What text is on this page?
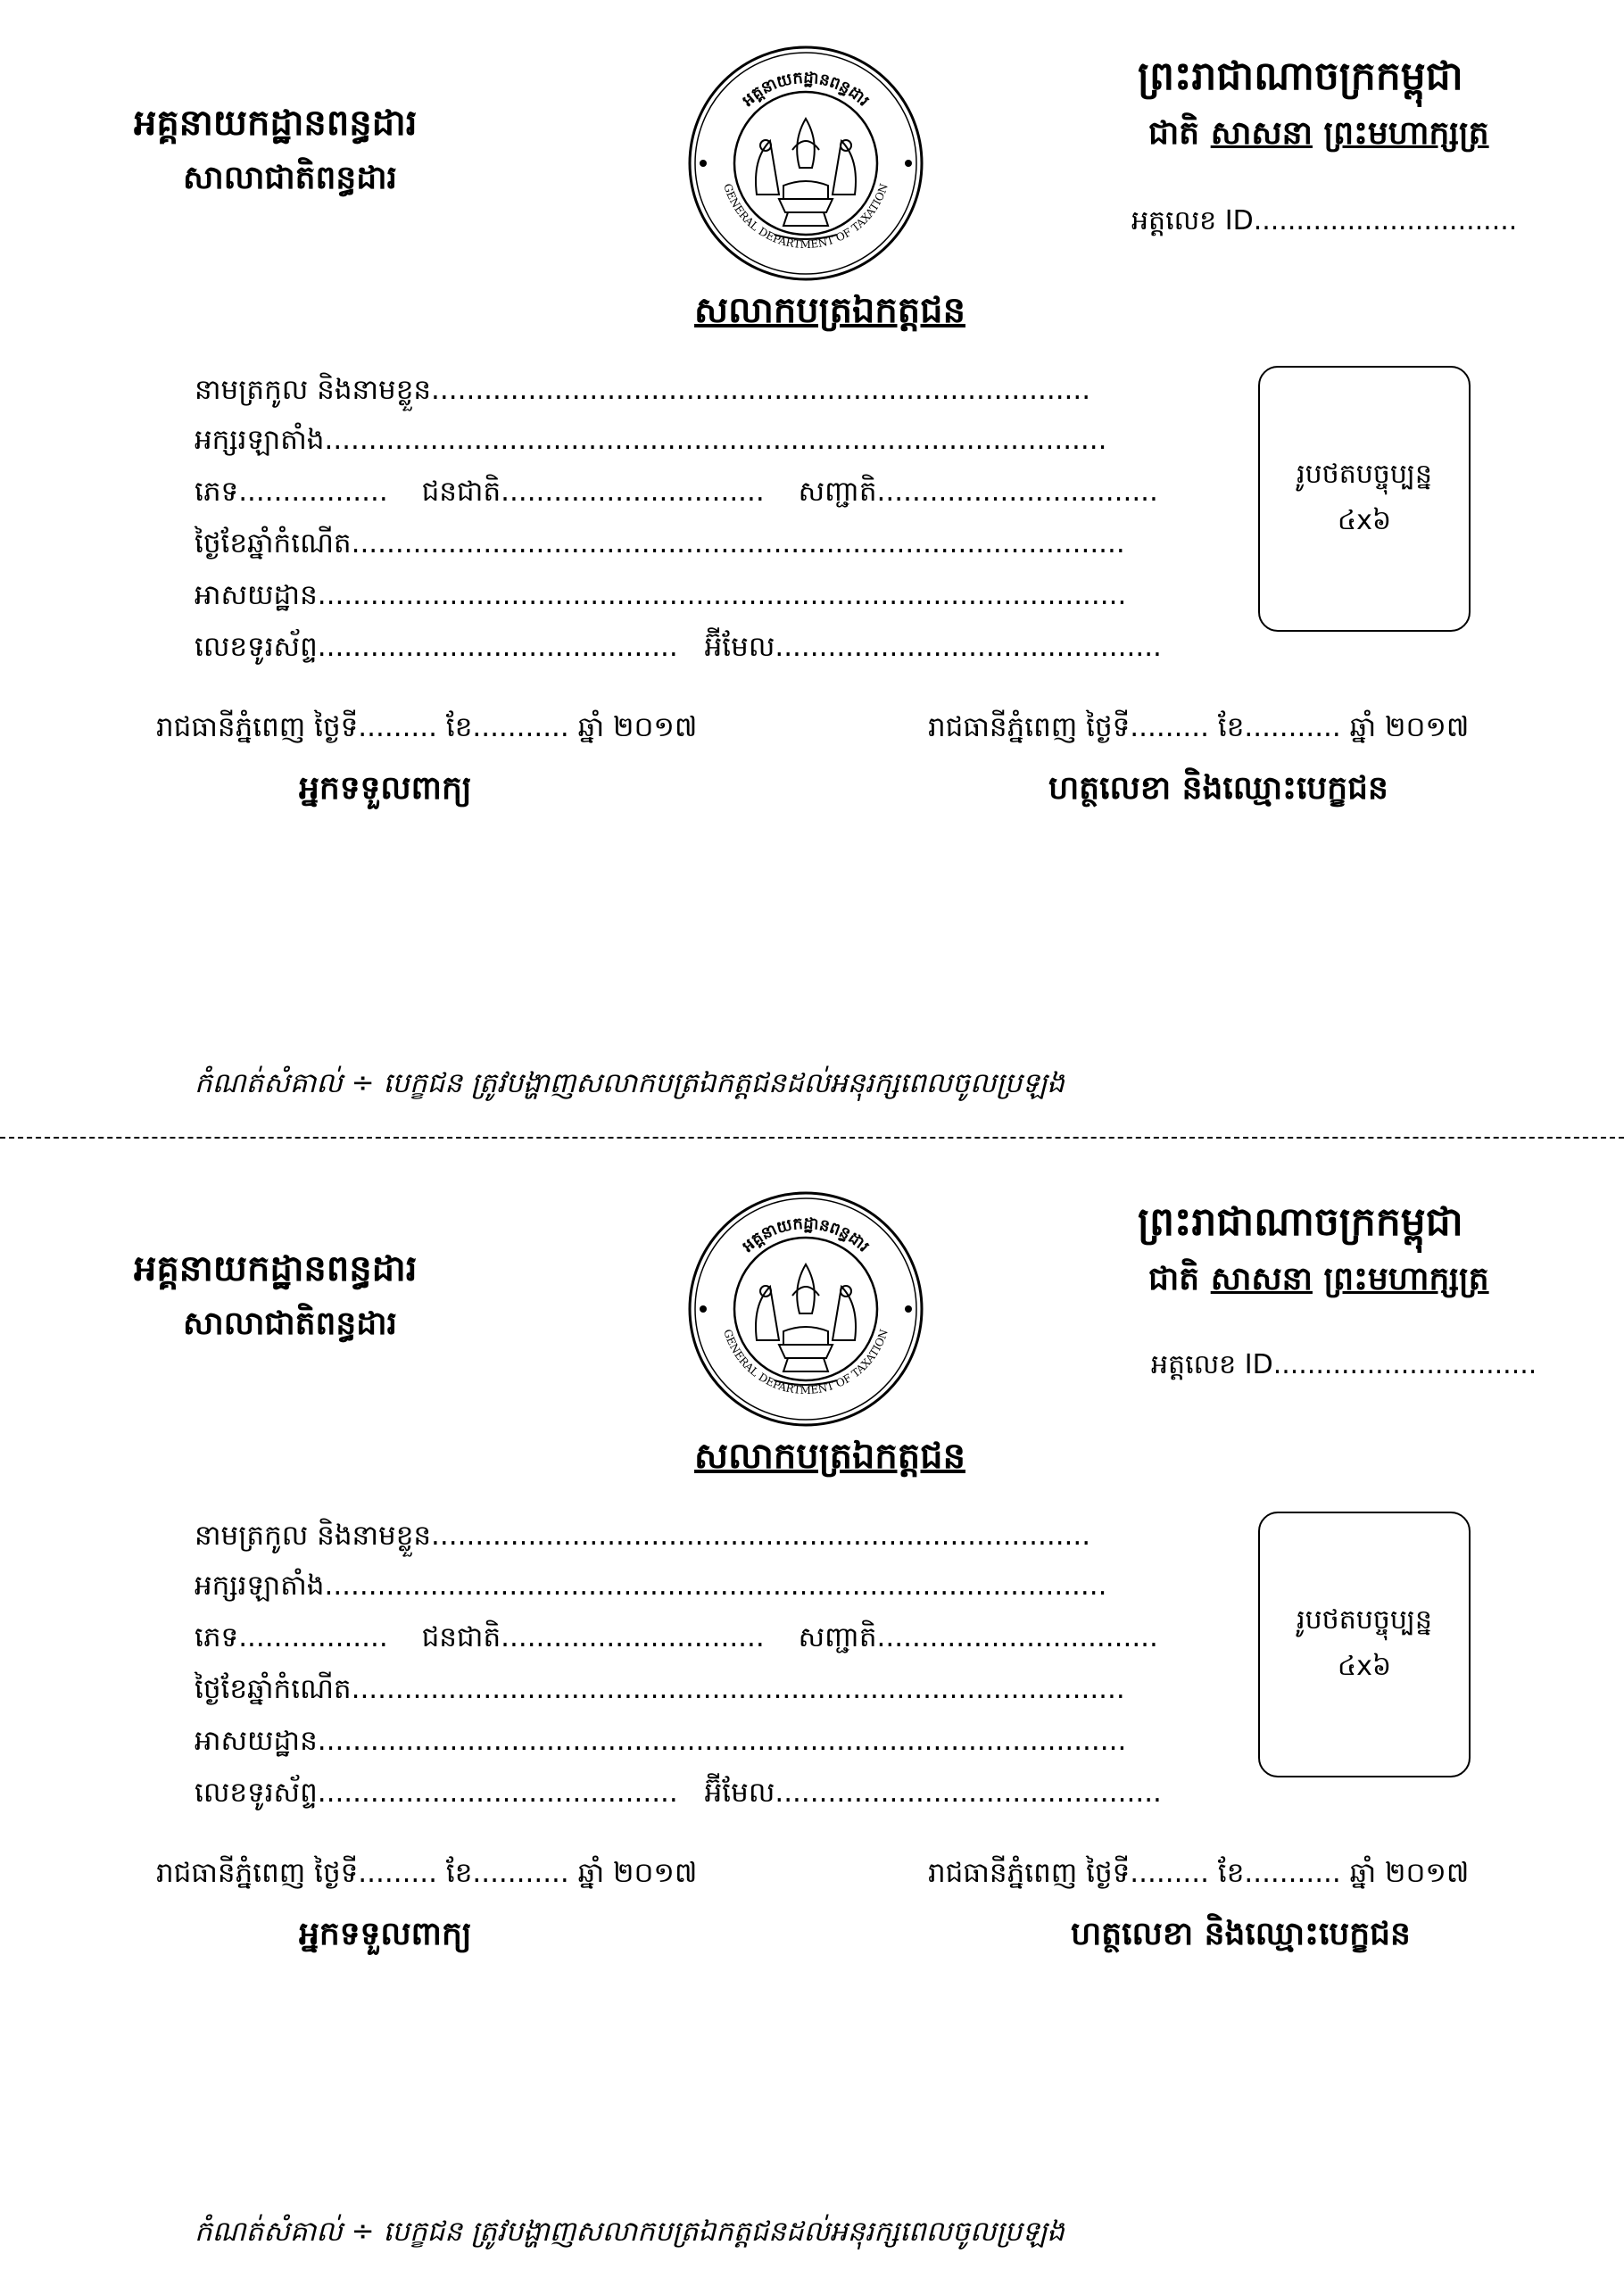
អគ្គនាយកដ្ឋានពន្ធដារ
សាលាជាតិពន្ធដារ
អគ្គនាយកដ្ឋានពន្ធដារ
GENERAL DEPARTMENT OF TAXATION
ព្រះរាជាណាចក្រកម្ពុជា
ជាតិ សាសនា ព្រះមហាក្សត្រ
អត្តលេខ ID...............................
សលាកបត្រឯកត្តជន
នាមត្រកូល និងនាមខ្លួន...........................................................................
អក្សរឡាតាំង.........................................................................................
ភេទ................. ជនជាតិ.............................. សញ្ជាតិ................................
ថ្ងៃខែឆ្នាំកំណើត........................................................................................
អាសយដ្ឋាន............................................................................................
លេខទូរស័ព្ទ......................................... អ៊ីមែល............................................
រូបថតបច្ចុប្បន្ន
៤x៦
រាជធានីភ្នំពេញ ថ្ងៃទី......... ខែ........... ឆ្នាំ ២០១៧	រាជធានីភ្នំពេញ ថ្ងៃទី......... ខែ........... ឆ្នាំ ២០១៧
អ្នកទទួលពាក្យ	ហត្ថលេខា និងឈ្មោះបេក្ខជន
កំណត់សំគាល់ ÷ បេក្ខជន ត្រូវបង្ហាញសលាកបត្រឯកត្តជនដល់អនុរក្សពេលចូលប្រឡង
អគ្គនាយកដ្ឋានពន្ធដារ
សាលាជាតិពន្ធដារ
អគ្គនាយកដ្ឋានពន្ធដារ
GENERAL DEPARTMENT OF TAXATION
ព្រះរាជាណាចក្រកម្ពុជា
ជាតិ សាសនា ព្រះមហាក្សត្រ
អត្តលេខ ID...............................
សលាកបត្រឯកត្តជន
នាមត្រកូល និងនាមខ្លួន...........................................................................
អក្សរឡាតាំង.........................................................................................
ភេទ................. ជនជាតិ.............................. សញ្ជាតិ................................
ថ្ងៃខែឆ្នាំកំណើត........................................................................................
អាសយដ្ឋាន............................................................................................
លេខទូរស័ព្ទ......................................... អ៊ីមែល............................................
រូបថតបច្ចុប្បន្ន
៤x៦
រាជធានីភ្នំពេញ ថ្ងៃទី......... ខែ........... ឆ្នាំ ២០១៧	រាជធានីភ្នំពេញ ថ្ងៃទី......... ខែ........... ឆ្នាំ ២០១៧
អ្នកទទួលពាក្យ	ហត្ថលេខា និងឈ្មោះបេក្ខជន
កំណត់សំគាល់ ÷ បេក្ខជន ត្រូវបង្ហាញសលាកបត្រឯកត្តជនដល់អនុរក្សពេលចូលប្រឡង
